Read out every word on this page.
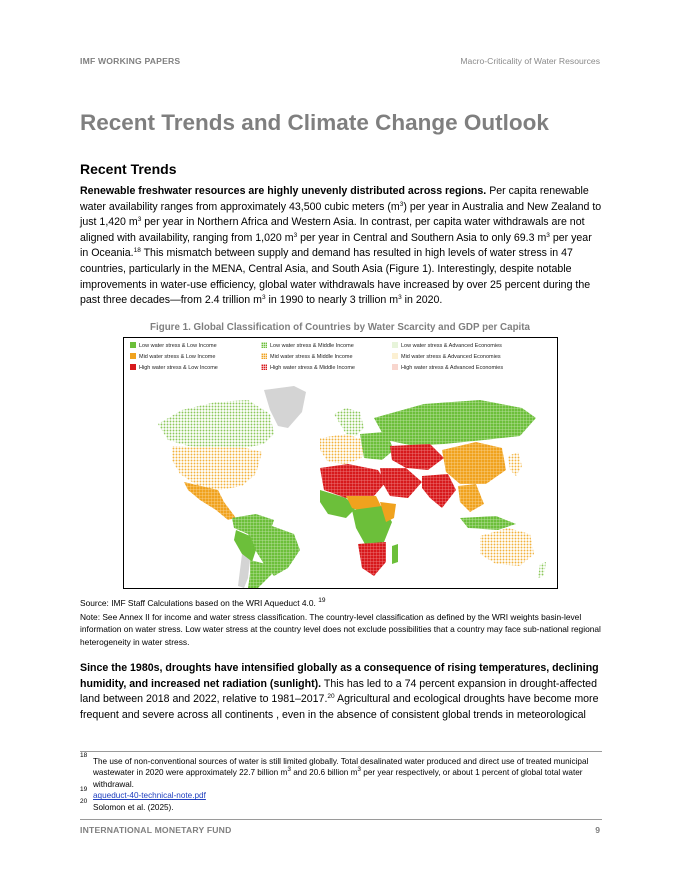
IMF WORKING PAPERS	Macro-Criticality of Water Resources
Recent Trends and Climate Change Outlook
Recent Trends

Renewable freshwater resources are highly unevenly distributed across regions. Per capita renewable water availability ranges from approximately 43,500 cubic meters $(m^3)$ per year in Australia and New Zealand to just 1,420 $m^3$ per year in Northern Africa and Western Asia. In contrast, per capita water withdrawals are not aligned with availability, ranging from 1,020 $m^3$ per year in Central and Southern Asia to only 69.3 $m^3$ per year in Oceania.$^{18}$ This mismatch between supply and demand has resulted in high levels of water stress in 47 countries, particularly in the MENA, Central Asia, and South Asia (Figure 1). Interestingly, despite notable improvements in water-use efficiency, global water withdrawals have increased by over 25 percent during the past three decades—from 2.4 trillion $m^3$ in 1990 to nearly 3 trillion $m^3$ in 2020.

Figure 1. Global Classification of Countries by Water Scarcity and GDP per Capita
Low water stress & Low Income	Low water stress & Middle Income	Low water stress & Advanced Economies
Mid water stress & Low Income	Mid water stress & Middle Income	Mid water stress & Advanced Economies
High water stress & Low Income	High water stress & Middle Income	High water stress & Advanced Economies
Source: IMF Staff Calculations based on the WRI Aqueduct 4.0. $^{19}$
Note: See Annex II for income and water stress classification. The country-level classification as defined by the WRI weights basin-level information on water stress. Low water stress at the country level does not exclude possibilities that a country may face sub-national regional heterogeneity in water stress.

Since the 1980s, droughts have intensified globally as a consequence of rising temperatures, declining humidity, and increased net radiation (sunlight). This has led to a 74 percent expansion in drought-affected land between 2018 and 2022, relative to 1981–2017.20 Agricultural and ecological droughts have become more frequent and severe across all continents , even in the absence of consistent global trends in meteorological

18
The use of non-conventional sources of water is still limited globally. Total desalinated water produced and direct use of treated municipal wastewater in 2020 were approximately 22.7 billion $m^3$ and 20.6 billion $m^3$ per year respectively, or about 1 percent of global total water withdrawal.
19
aqueduct-40-technical-note.pdf
20
Solomon et al. (2025).
INTERNATIONAL MONETARY FUND	9
